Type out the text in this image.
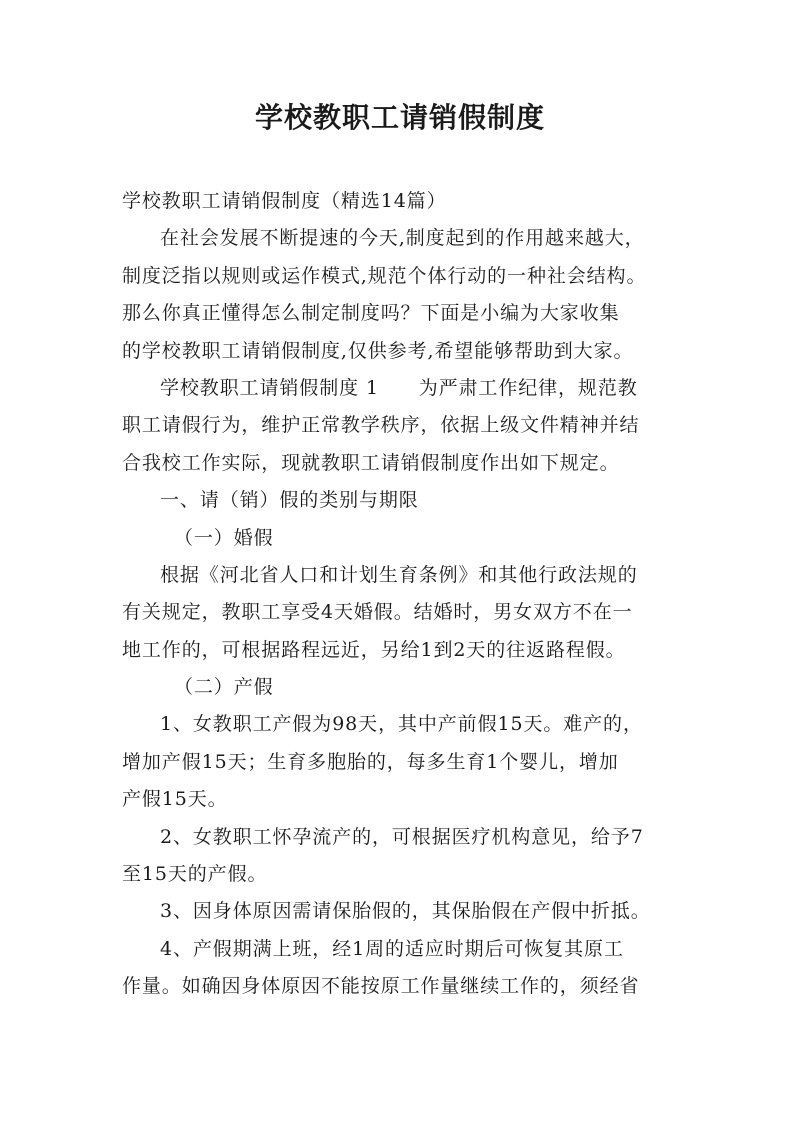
学校教职工请销假制度
学校教职工请销假制度（精选14篇）
在社会发展不断提速的今天,制度起到的作用越来越大，
制度泛指以规则或运作模式,规范个体行动的一种社会结构。
那么你真正懂得怎么制定制度吗？下面是小编为大家收集
的学校教职工请销假制度,仅供参考,希望能够帮助到大家。
学校教职工请销假制度 1　　为严肃工作纪律，规范教
职工请假行为，维护正常教学秩序，依据上级文件精神并结
合我校工作实际，现就教职工请销假制度作出如下规定。
一、请（销）假的类别与期限
（一）婚假
根据《河北省人口和计划生育条例》和其他行政法规的
有关规定，教职工享受4天婚假。结婚时，男女双方不在一
地工作的，可根据路程远近，另给1到2天的往返路程假。
（二）产假
1、女教职工产假为98天，其中产前假15天。难产的，
增加产假15天；生育多胞胎的，每多生育1个婴儿，增加
产假15天。
2、女教职工怀孕流产的，可根据医疗机构意见，给予7
至15天的产假。
3、因身体原因需请保胎假的，其保胎假在产假中折抵。
4、产假期满上班，经1周的适应时期后可恢复其原工
作量。如确因身体原因不能按原工作量继续工作的，须经省
